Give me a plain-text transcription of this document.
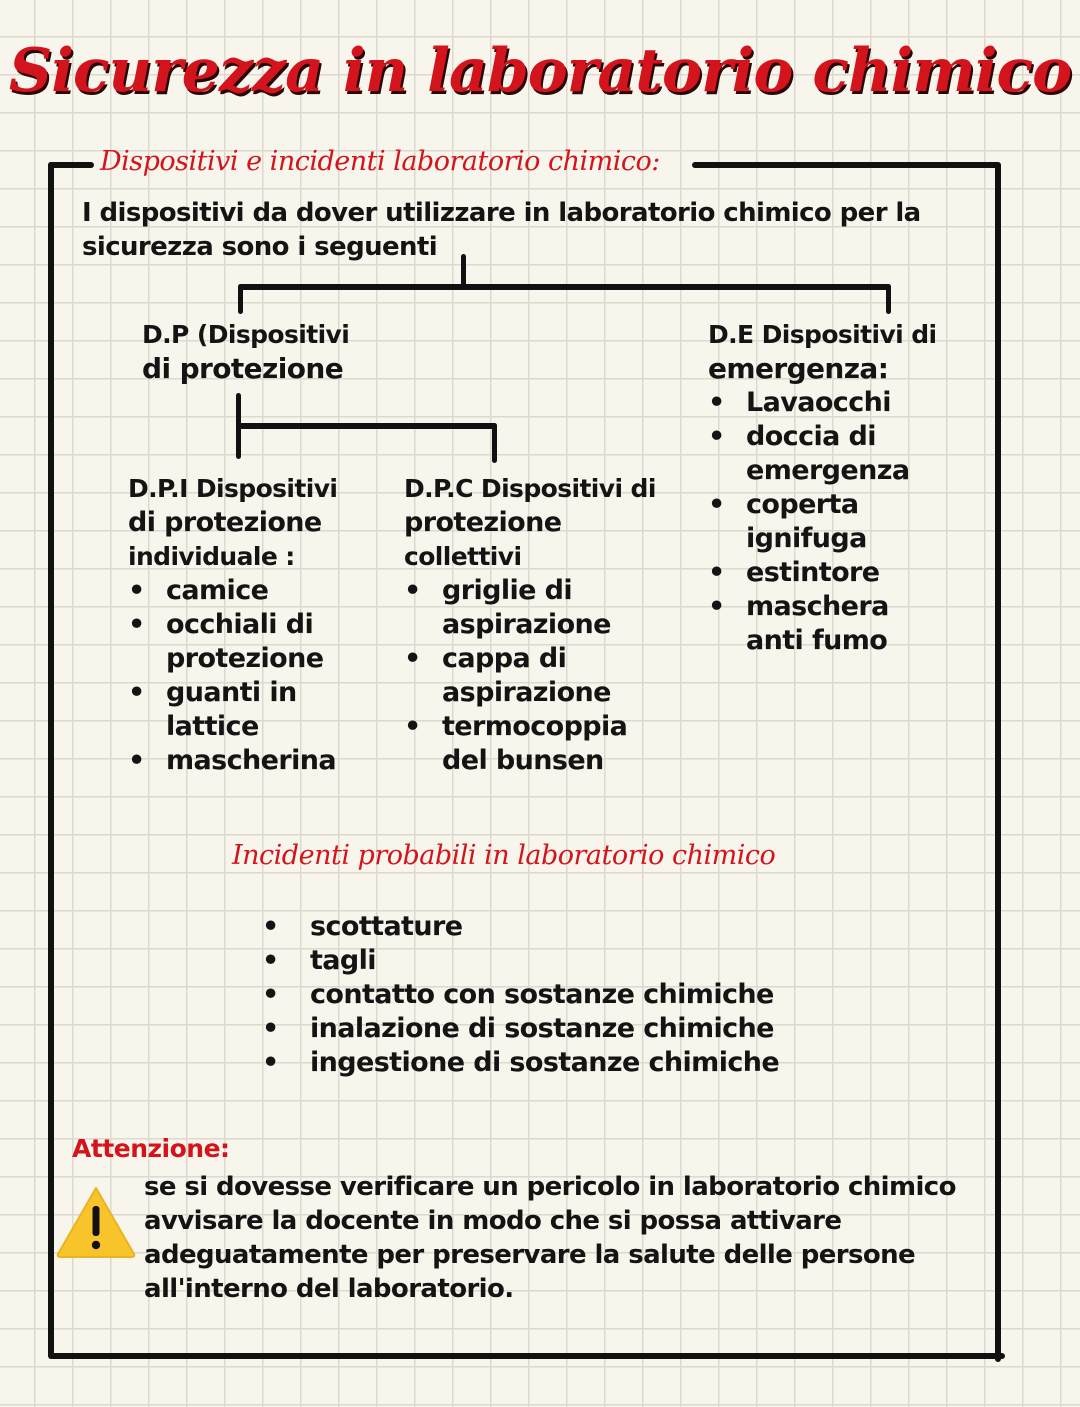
Sicurezza in laboratorio chimico
Dispositivi e incidenti laboratorio chimico:
I dispositivi da dover utilizzare in laboratorio chimico per la
sicurezza sono i seguenti
D.P (Dispositivi
di protezione
D.E Dispositivi di
emergenza:
• Lavaocchi
• doccia di emergenza
• coperta ignifuga
• estintore
• maschera anti fumo
D.P.I Dispositivi
di protezione
individuale :
• camice
• occhiali di protezione
• guanti in lattice
• mascherina
D.P.C Dispositivi di
protezione
collettivi
• griglie di aspirazione
• cappa di aspirazione
• termocoppia del bunsen
Incidenti probabili in laboratorio chimico
• scottature
• tagli
• contatto con sostanze chimiche
• inalazione di sostanze chimiche
• ingestione di sostanze chimiche
Attenzione:
se si dovesse verificare un pericolo in laboratorio chimico
avvisare la docente in modo che si possa attivare
adeguatamente per preservare la salute delle persone
all'interno del laboratorio.
